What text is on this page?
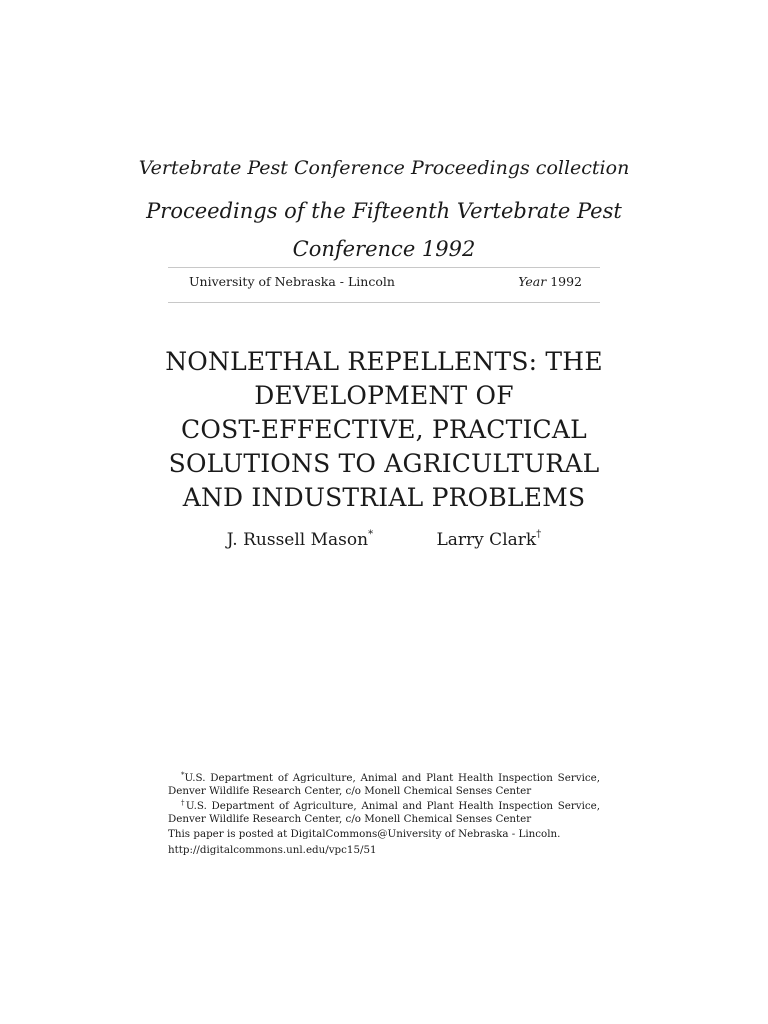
Vertebrate Pest Conference Proceedings collection
Proceedings of the Fifteenth Vertebrate Pest
Conference 1992
University of Nebraska - Lincoln	Year 1992
NONLETHAL REPELLENTS: THE
DEVELOPMENT OF
COST-EFFECTIVE, PRACTICAL
SOLUTIONS TO AGRICULTURAL
AND INDUSTRIAL PROBLEMS
J. Russell Mason*	Larry Clark†

*U.S. Department of Agriculture, Animal and Plant Health Inspection Service, Denver Wildlife Research Center, c/o Monell Chemical Senses Center

†U.S. Department of Agriculture, Animal and Plant Health Inspection Service, Denver Wildlife Research Center, c/o Monell Chemical Senses Center

This paper is posted at DigitalCommons@University of Nebraska - Lincoln.

http://digitalcommons.unl.edu/vpc15/51
